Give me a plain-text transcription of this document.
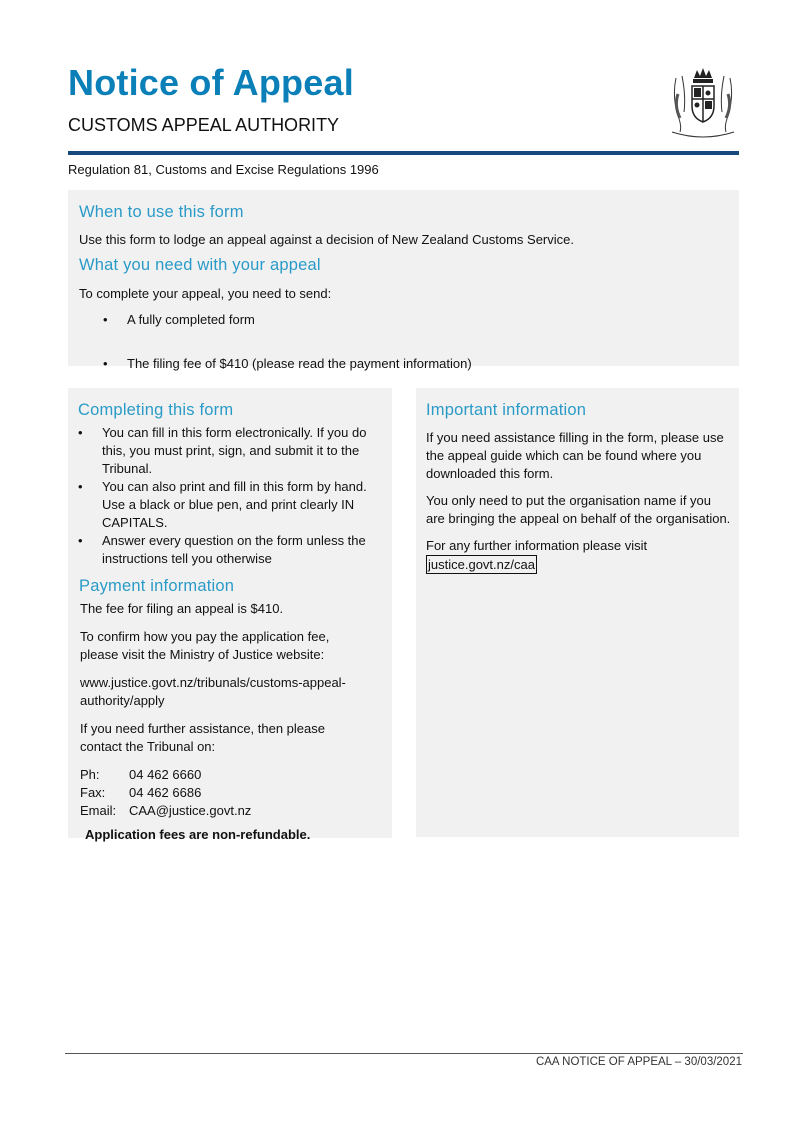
Notice of Appeal
CUSTOMS APPEAL AUTHORITY
Regulation 81, Customs and Excise Regulations 1996
When to use this form
Use this form to lodge an appeal against a decision of New Zealand Customs Service.
What you need with your appeal
To complete your appeal, you need to send:
• A fully completed form
• The filing fee of $410 (please read the payment information)
Completing this form
• You can fill in this form electronically. If you do this, you must print, sign, and submit it to the Tribunal.
• You can also print and fill in this form by hand. Use a black or blue pen, and print clearly IN CAPITALS.
• Answer every question on the form unless the instructions tell you otherwise
Payment information

The fee for filing an appeal is $410.

To confirm how you pay the application fee, please visit the Ministry of Justice website:

www.justice.govt.nz/tribunals/customs-appeal-authority/apply

If you need further assistance, then please contact the Tribunal on:

Ph:	04 462 6660
Fax:	04 462 6686
Email: CAA@justice.govt.nz

Application fees are non-refundable.

Important information

If you need assistance filling in the form, please use the appeal guide which can be found where you downloaded this form.

You only need to put the organisation name if you are bringing the appeal on behalf of the organisation.

For any further information please visit

justice.govt.nz/caa
CAA NOTICE OF APPEAL – 30/03/2021
